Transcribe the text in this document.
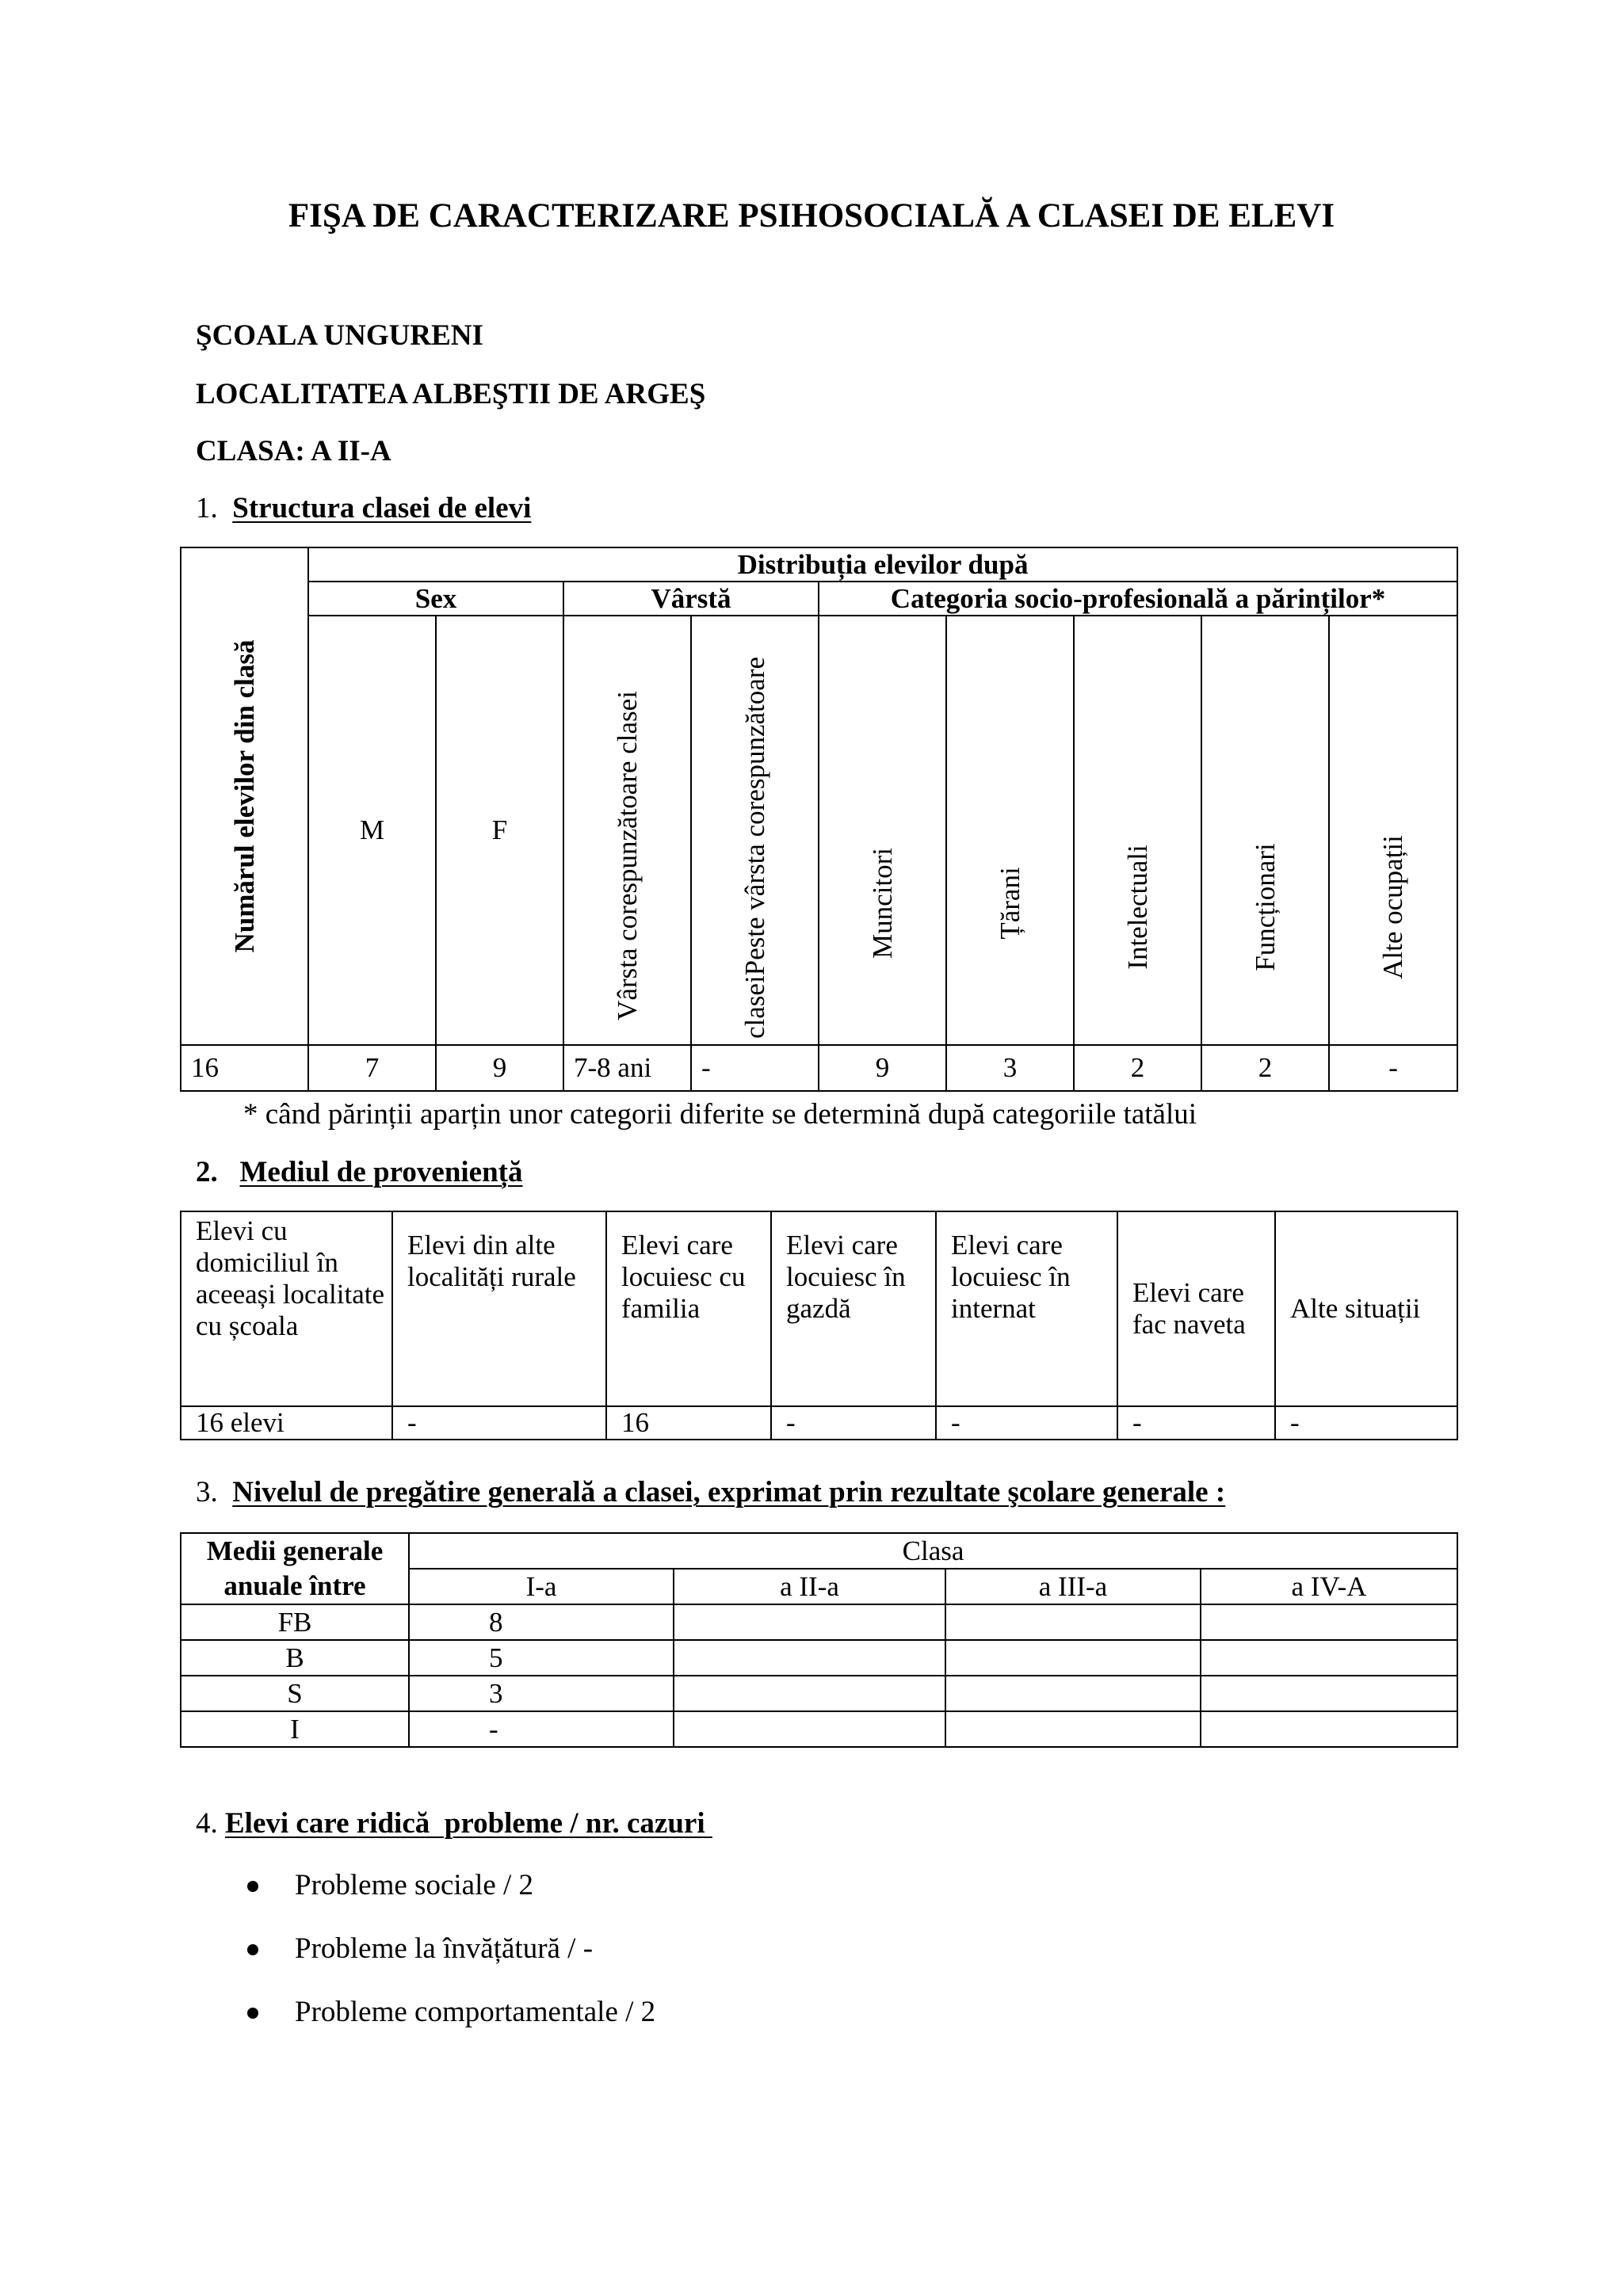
FIŞA DE CARACTERIZARE PSIHOSOCIALĂ A CLASEI DE ELEVI
ŞCOALA UNGURENI
LOCALITATEA ALBEŞTII DE ARGEŞ
CLASA: A II-A
1. Structura clasei de elevi
Numărul elevilor din clasă	Distribuția elevilor după								
	Sex		Vârstă		Categoria socio-profesională a părinților*				
	M	F	Vârsta corespunzătoare clasei	claseiPeste vârsta corespunzătoare	Muncitori	Țărani	Intelectuali	Funcționari	Alte ocupații

16	7	9	7-8 ani	-	9	3	2	2	-
* când părinții aparțin unor categorii diferite se determină după categoriile tatălui
2. Mediul de proveniență
Elevi cu domiciliul în aceeași localitate cu școala	Elevi din alte localități rurale	Elevi care locuiesc cu familia	Elevi care locuiesc în gazdă	Elevi care locuiesc în internat	Elevi care fac naveta	Alte situații
16 elevi	-	16	-	-	-	-
3. Nivelul de pregătire generală a clasei, exprimat prin rezultate şcolare generale :
Medii generale
anuale între	Clasa			
	I-a	a II-a	a III-a	a IV-A
FB	8			
B	5			
S	3			
I	-			
4. Elevi care ridică  probleme / nr. cazuri
Probleme sociale / 2
Probleme la învățătură / -
Probleme comportamentale / 2
